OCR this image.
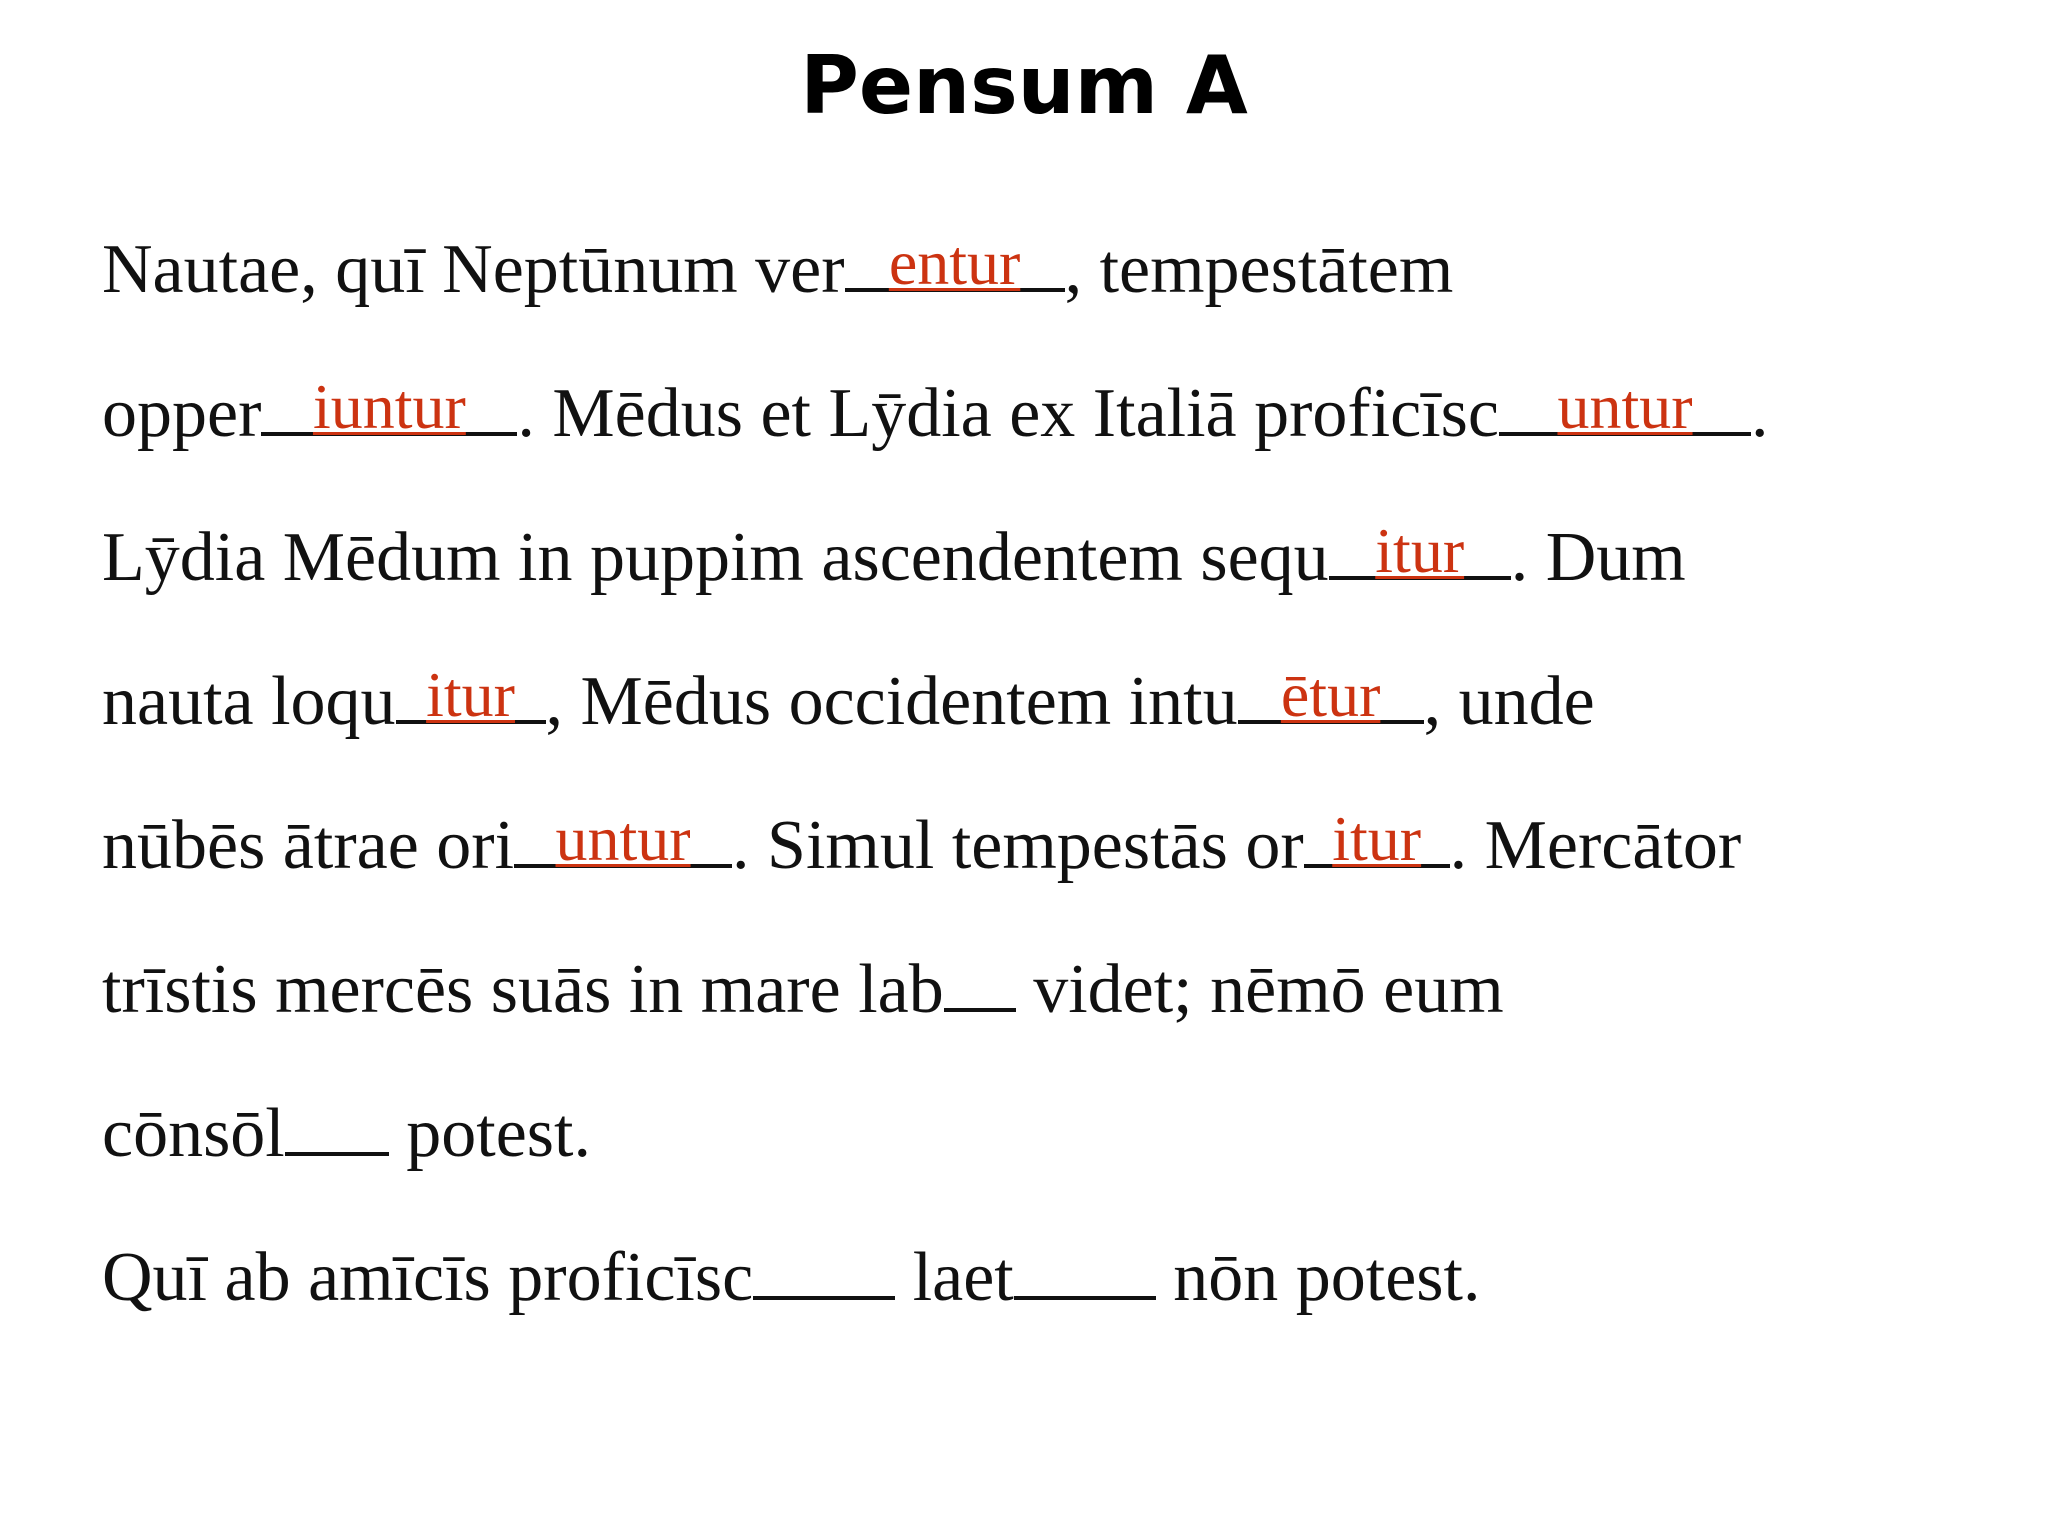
Pensum A
Nautae, quī Neptūnum ver entur , tempestātem
opper iuntur . Mēdus et Lȳdia ex Italiā proficīsc untur .
Lȳdia Mēdum in puppim ascendentem sequ itur . Dum
nauta loqu itur , Mēdus occidentem intu ētur , unde
nūbēs ātrae ori untur . Simul tempestās or itur . Mercātor
trīstis mercēs suās in mare lab
videt; nēmō eum
cōnsōl
potest.
Quī ab amīcīs proficīsc
laet
nōn potest.
